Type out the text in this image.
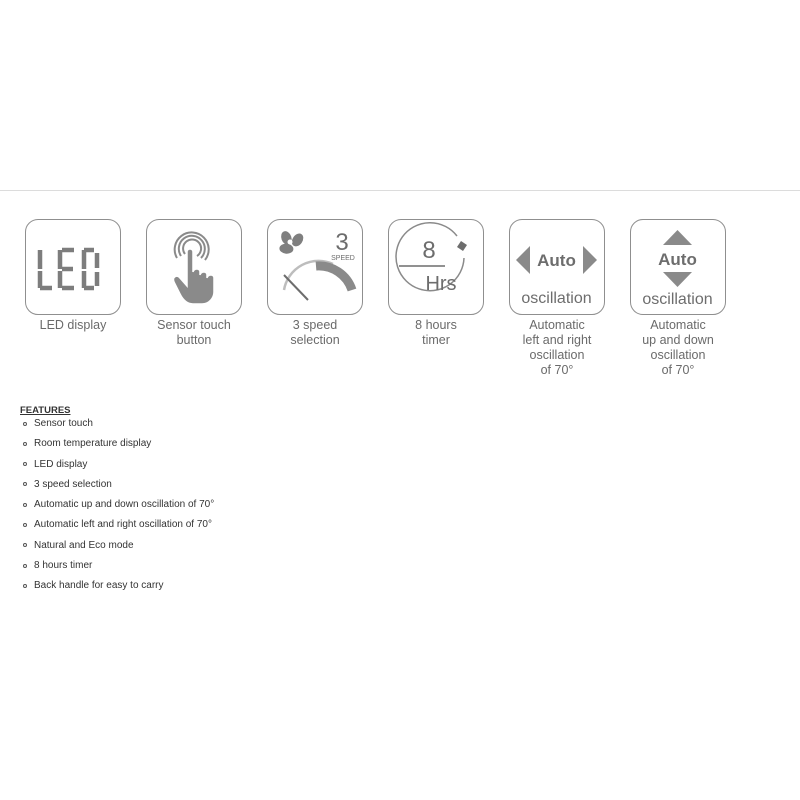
LED display	Sensor touch
button
3
SPEED
3 speed
selection
8
Hrs
8 hours
timer
Auto
oscillation
Automatic
left and right
oscillation
of 70°
Auto
oscillation
Automatic
up and down
oscillation
of 70°
FEATURES
Sensor touch
Room temperature display
LED display
3 speed selection
Automatic up and down oscillation of 70°
Automatic left and right oscillation of 70°
Natural and Eco mode
8 hours timer
Back handle for easy to carry
